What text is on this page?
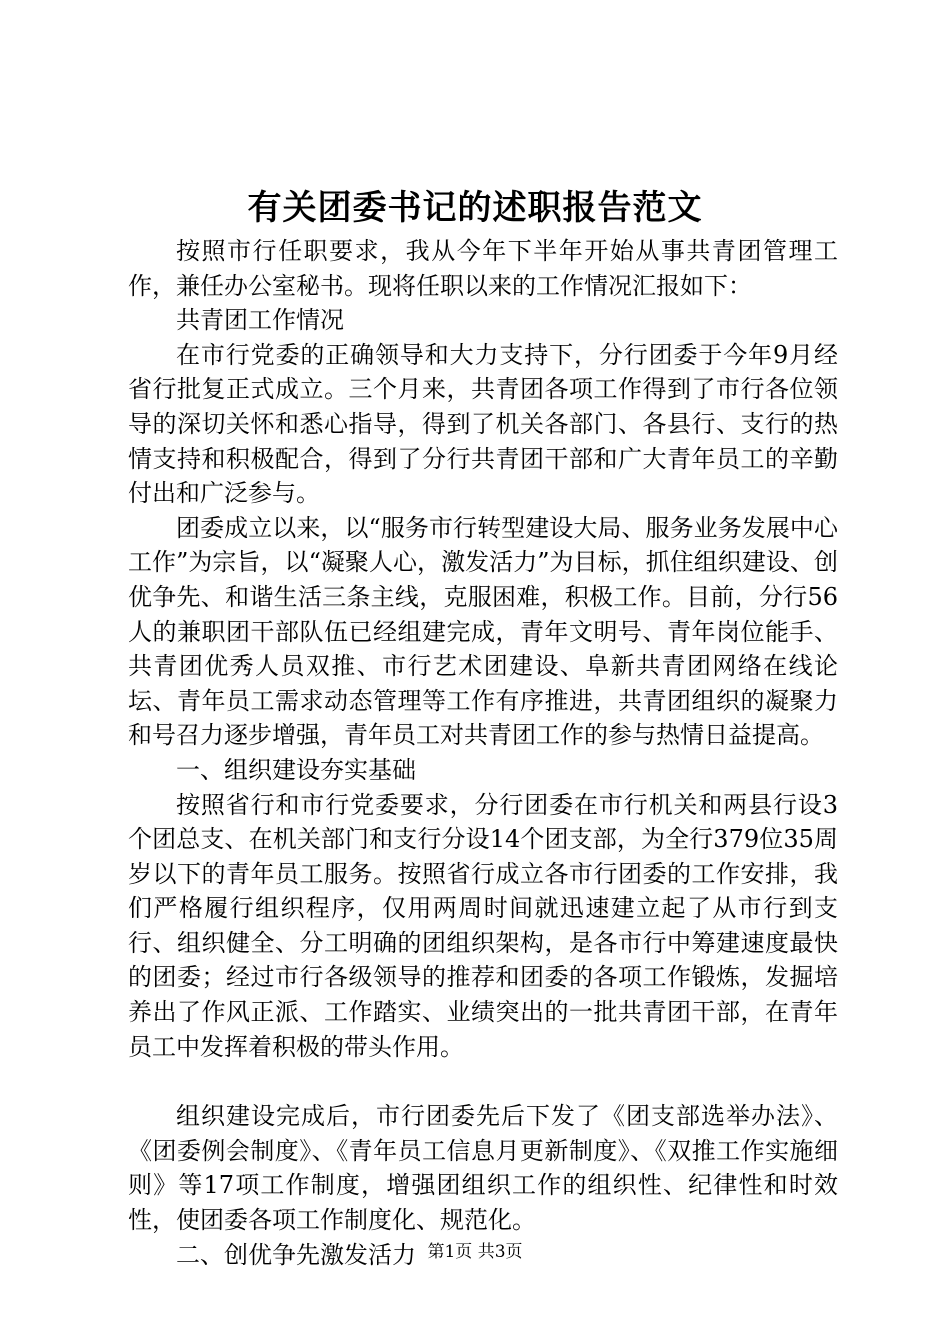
有关团委书记的述职报告范文

按照市行任职要求，我从今年下半年开始从事共青团管理工作，兼任办公室秘书。现将任职以来的工作情况汇报如下：

共青团工作情况

在市行党委的正确领导和大力支持下，分行团委于今年9月经省行批复正式成立。三个月来，共青团各项工作得到了市行各位领导的深切关怀和悉心指导，得到了机关各部门、各县行、支行的热情支持和积极配合，得到了分行共青团干部和广大青年员工的辛勤付出和广泛参与。

团委成立以来，以“服务市行转型建设大局、服务业务发展中心工作”为宗旨，以“凝聚人心，激发活力”为目标，抓住组织建设、创优争先、和谐生活三条主线，克服困难，积极工作。目前，分行56人的兼职团干部队伍已经组建完成，青年文明号、青年岗位能手、共青团优秀人员双推、市行艺术团建设、阜新共青团网络在线论坛、青年员工需求动态管理等工作有序推进，共青团组织的凝聚力和号召力逐步增强，青年员工对共青团工作的参与热情日益提高。

一、组织建设夯实基础

按照省行和市行党委要求，分行团委在市行机关和两县行设3个团总支、在机关部门和支行分设14个团支部，为全行379位35周岁以下的青年员工服务。按照省行成立各市行团委的工作安排，我们严格履行组织程序，仅用两周时间就迅速建立起了从市行到支行、组织健全、分工明确的团组织架构，是各市行中筹建速度最快的团委；经过市行各级领导的推荐和团委的各项工作锻炼，发掘培养出了作风正派、工作踏实、业绩突出的一批共青团干部，在青年员工中发挥着积极的带头作用。

组织建设完成后，市行团委先后下发了《团支部选举办法》、《团委例会制度》、《青年员工信息月更新制度》、《双推工作实施细则》等17项工作制度，增强团组织工作的组织性、纪律性和时效性，使团委各项工作制度化、规范化。

二、创优争先激发活力 第1页 共3页
